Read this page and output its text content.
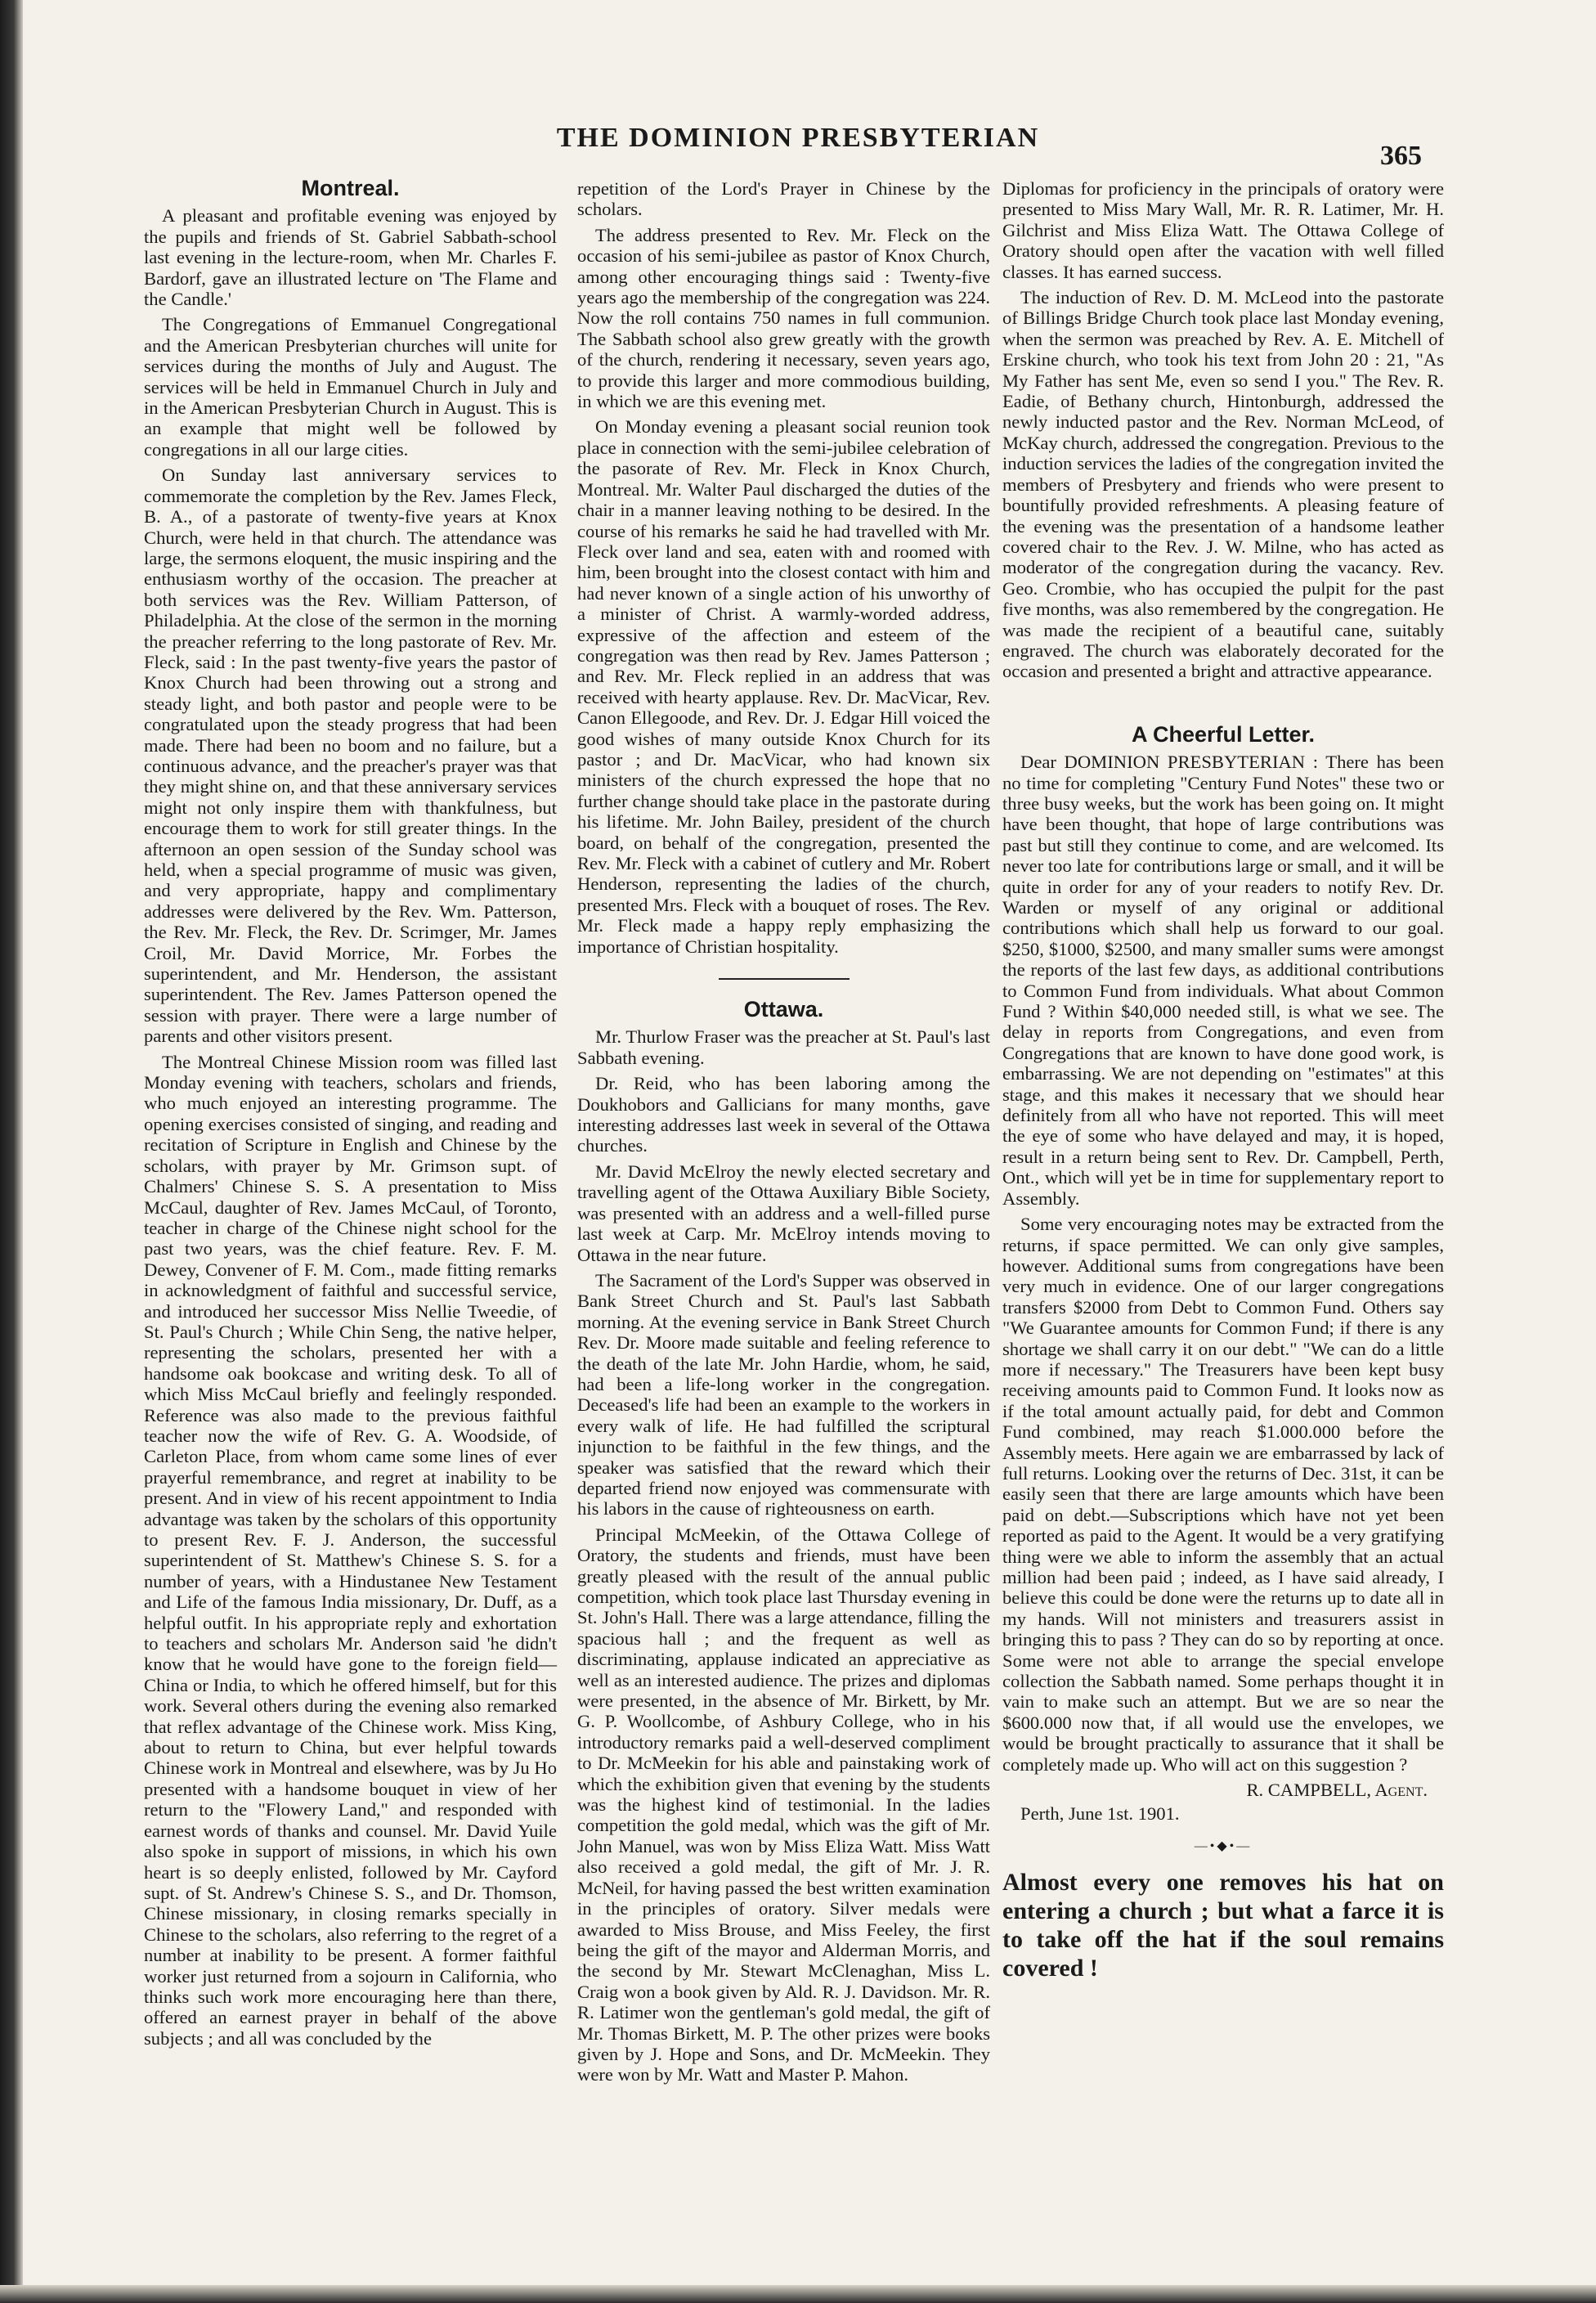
THE DOMINION PRESBYTERIAN
365
Montreal.

A pleasant and profitable evening was enjoyed by the pupils and friends of St. Gabriel Sabbath-school last evening in the lecture-room, when Mr. Charles F. Bardorf, gave an illustrated lecture on 'The Flame and the Candle.'

The Congregations of Emmanuel Congregational and the American Presbyterian churches will unite for services during the months of July and August. The services will be held in Emmanuel Church in July and in the American Presbyterian Church in August. This is an example that might well be followed by congregations in all our large cities.

On Sunday last anniversary services to commemorate the completion by the Rev. James Fleck, B. A., of a pastorate of twenty-five years at Knox Church, were held in that church. The attendance was large, the sermons eloquent, the music inspiring and the enthusiasm worthy of the occasion. The preacher at both services was the Rev. William Patterson, of Philadelphia. At the close of the sermon in the morning the preacher referring to the long pastorate of Rev. Mr. Fleck, said : In the past twenty-five years the pastor of Knox Church had been throwing out a strong and steady light, and both pastor and people were to be congratulated upon the steady progress that had been made. There had been no boom and no failure, but a continuous advance, and the preacher's prayer was that they might shine on, and that these anniversary services might not only inspire them with thankfulness, but encourage them to work for still greater things. In the afternoon an open session of the Sunday school was held, when a special programme of music was given, and very appropriate, happy and complimentary addresses were delivered by the Rev. Wm. Patterson, the Rev. Mr. Fleck, the Rev. Dr. Scrimger, Mr. James Croil, Mr. David Morrice, Mr. Forbes the superintendent, and Mr. Henderson, the assistant superintendent. The Rev. James Patterson opened the session with prayer. There were a large number of parents and other visitors present.

The Montreal Chinese Mission room was filled last Monday evening with teachers, scholars and friends, who much enjoyed an interesting programme. The opening exercises consisted of singing, and reading and recitation of Scripture in English and Chinese by the scholars, with prayer by Mr. Grimson supt. of Chalmers' Chinese S. S. A presentation to Miss McCaul, daughter of Rev. James McCaul, of Toronto, teacher in charge of the Chinese night school for the past two years, was the chief feature. Rev. F. M. Dewey, Convener of F. M. Com., made fitting remarks in acknowledgment of faithful and successful service, and introduced her successor Miss Nellie Tweedie, of St. Paul's Church ; While Chin Seng, the native helper, representing the scholars, presented her with a handsome oak bookcase and writing desk. To all of which Miss McCaul briefly and feelingly responded. Reference was also made to the previous faithful teacher now the wife of Rev. G. A. Woodside, of Carleton Place, from whom came some lines of ever prayerful remembrance, and regret at inability to be present. And in view of his recent appointment to India advantage was taken by the scholars of this opportunity to present Rev. F. J. Anderson, the successful superintendent of St. Matthew's Chinese S. S. for a number of years, with a Hindustanee New Testament and Life of the famous India missionary, Dr. Duff, as a helpful outfit. In his appropriate reply and exhortation to teachers and scholars Mr. Anderson said 'he didn't know that he would have gone to the foreign field—China or India, to which he offered himself, but for this work. Several others during the evening also remarked that reflex advantage of the Chinese work. Miss King, about to return to China, but ever helpful towards Chinese work in Montreal and elsewhere, was by Ju Ho presented with a handsome bouquet in view of her return to the "Flowery Land," and responded with earnest words of thanks and counsel. Mr. David Yuile also spoke in support of missions, in which his own heart is so deeply enlisted, followed by Mr. Cayford supt. of St. Andrew's Chinese S. S., and Dr. Thomson, Chinese missionary, in closing remarks specially in Chinese to the scholars, also referring to the regret of a number at inability to be present. A former faithful worker just returned from a sojourn in California, who thinks such work more encouraging here than there, offered an earnest prayer in behalf of the above subjects ; and all was concluded by the

repetition of the Lord's Prayer in Chinese by the scholars.

The address presented to Rev. Mr. Fleck on the occasion of his semi-jubilee as pastor of Knox Church, among other encouraging things said : Twenty-five years ago the membership of the congregation was 224. Now the roll contains 750 names in full communion. The Sabbath school also grew greatly with the growth of the church, rendering it necessary, seven years ago, to provide this larger and more commodious building, in which we are this evening met.

On Monday evening a pleasant social reunion took place in connection with the semi-jubilee celebration of the pasorate of Rev. Mr. Fleck in Knox Church, Montreal. Mr. Walter Paul discharged the duties of the chair in a manner leaving nothing to be desired. In the course of his remarks he said he had travelled with Mr. Fleck over land and sea, eaten with and roomed with him, been brought into the closest contact with him and had never known of a single action of his unworthy of a minister of Christ. A warmly-worded address, expressive of the affection and esteem of the congregation was then read by Rev. James Patterson ; and Rev. Mr. Fleck replied in an address that was received with hearty applause. Rev. Dr. MacVicar, Rev. Canon Ellegoode, and Rev. Dr. J. Edgar Hill voiced the good wishes of many outside Knox Church for its pastor ; and Dr. MacVicar, who had known six ministers of the church expressed the hope that no further change should take place in the pastorate during his lifetime. Mr. John Bailey, president of the church board, on behalf of the congregation, presented the Rev. Mr. Fleck with a cabinet of cutlery and Mr. Robert Henderson, representing the ladies of the church, presented Mrs. Fleck with a bouquet of roses. The Rev. Mr. Fleck made a happy reply emphasizing the importance of Christian hospitality.

Ottawa.

Mr. Thurlow Fraser was the preacher at St. Paul's last Sabbath evening.

Dr. Reid, who has been laboring among the Doukhobors and Gallicians for many months, gave interesting addresses last week in several of the Ottawa churches.

Mr. David McElroy the newly elected secretary and travelling agent of the Ottawa Auxiliary Bible Society, was presented with an address and a well-filled purse last week at Carp. Mr. McElroy intends moving to Ottawa in the near future.

The Sacrament of the Lord's Supper was observed in Bank Street Church and St. Paul's last Sabbath morning. At the evening service in Bank Street Church Rev. Dr. Moore made suitable and feeling reference to the death of the late Mr. John Hardie, whom, he said, had been a life-long worker in the congregation. Deceased's life had been an example to the workers in every walk of life. He had fulfilled the scriptural injunction to be faithful in the few things, and the speaker was satisfied that the reward which their departed friend now enjoyed was commensurate with his labors in the cause of righteousness on earth.

Principal McMeekin, of the Ottawa College of Oratory, the students and friends, must have been greatly pleased with the result of the annual public competition, which took place last Thursday evening in St. John's Hall. There was a large attendance, filling the spacious hall ; and the frequent as well as discriminating, applause indicated an appreciative as well as an interested audience. The prizes and diplomas were presented, in the absence of Mr. Birkett, by Mr. G. P. Woollcombe, of Ashbury College, who in his introductory remarks paid a well-deserved compliment to Dr. McMeekin for his able and painstaking work of which the exhibition given that evening by the students was the highest kind of testimonial. In the ladies competition the gold medal, which was the gift of Mr. John Manuel, was won by Miss Eliza Watt. Miss Watt also received a gold medal, the gift of Mr. J. R. McNeil, for having passed the best written examination in the principles of oratory. Silver medals were awarded to Miss Brouse, and Miss Feeley, the first being the gift of the mayor and Alderman Morris, and the second by Mr. Stewart McClenaghan, Miss L. Craig won a book given by Ald. R. J. Davidson. Mr. R. R. Latimer won the gentleman's gold medal, the gift of Mr. Thomas Birkett, M. P. The other prizes were books given by J. Hope and Sons, and Dr. McMeekin. They were won by Mr. Watt and Master P. Mahon.

Diplomas for proficiency in the principals of oratory were presented to Miss Mary Wall, Mr. R. R. Latimer, Mr. H. Gilchrist and Miss Eliza Watt. The Ottawa College of Oratory should open after the vacation with well filled classes. It has earned success.

The induction of Rev. D. M. McLeod into the pastorate of Billings Bridge Church took place last Monday evening, when the sermon was preached by Rev. A. E. Mitchell of Erskine church, who took his text from John 20 : 21, "As My Father has sent Me, even so send I you." The Rev. R. Eadie, of Bethany church, Hintonburgh, addressed the newly inducted pastor and the Rev. Norman McLeod, of McKay church, addressed the congregation. Previous to the induction services the ladies of the congregation invited the members of Presbytery and friends who were present to bountifully provided refreshments. A pleasing feature of the evening was the presentation of a handsome leather covered chair to the Rev. J. W. Milne, who has acted as moderator of the congregation during the vacancy. Rev. Geo. Crombie, who has occupied the pulpit for the past five months, was also remembered by the congregation. He was made the recipient of a beautiful cane, suitably engraved. The church was elaborately decorated for the occasion and presented a bright and attractive appearance.

A Cheerful Letter.

Dear DOMINION PRESBYTERIAN : There has been no time for completing "Century Fund Notes" these two or three busy weeks, but the work has been going on. It might have been thought, that hope of large contributions was past but still they continue to come, and are welcomed. Its never too late for contributions large or small, and it will be quite in order for any of your readers to notify Rev. Dr. Warden or myself of any original or additional contributions which shall help us forward to our goal. $250, $1000, $2500, and many smaller sums were amongst the reports of the last few days, as additional contributions to Common Fund from individuals. What about Common Fund ? Within $40,000 needed still, is what we see. The delay in reports from Congregations, and even from Congregations that are known to have done good work, is embarrassing. We are not depending on "estimates" at this stage, and this makes it necessary that we should hear definitely from all who have not reported. This will meet the eye of some who have delayed and may, it is hoped, result in a return being sent to Rev. Dr. Campbell, Perth, Ont., which will yet be in time for supplementary report to Assembly.

Some very encouraging notes may be extracted from the returns, if space permitted. We can only give samples, however. Additional sums from congregations have been very much in evidence. One of our larger congregations transfers $2000 from Debt to Common Fund. Others say "We Guarantee amounts for Common Fund; if there is any shortage we shall carry it on our debt." "We can do a little more if necessary." The Treasurers have been kept busy receiving amounts paid to Common Fund. It looks now as if the total amount actually paid, for debt and Common Fund combined, may reach $1.000.000 before the Assembly meets. Here again we are embarrassed by lack of full returns. Looking over the returns of Dec. 31st, it can be easily seen that there are large amounts which have been paid on debt.—Subscriptions which have not yet been reported as paid to the Agent. It would be a very gratifying thing were we able to inform the assembly that an actual million had been paid ; indeed, as I have said already, I believe this could be done were the returns up to date all in my hands. Will not ministers and treasurers assist in bringing this to pass ? They can do so by reporting at once. Some were not able to arrange the special envelope collection the Sabbath named. Some perhaps thought it in vain to make such an attempt. But we are so near the $600.000 now that, if all would use the envelopes, we would be brought practically to assurance that it shall be completely made up. Who will act on this suggestion ?

R. CAMPBELL, Agent.

Perth, June 1st. 1901.

—•◆•—
Almost every one removes his hat on entering a church ; but what a farce it is to take off the hat if the soul remains covered !
